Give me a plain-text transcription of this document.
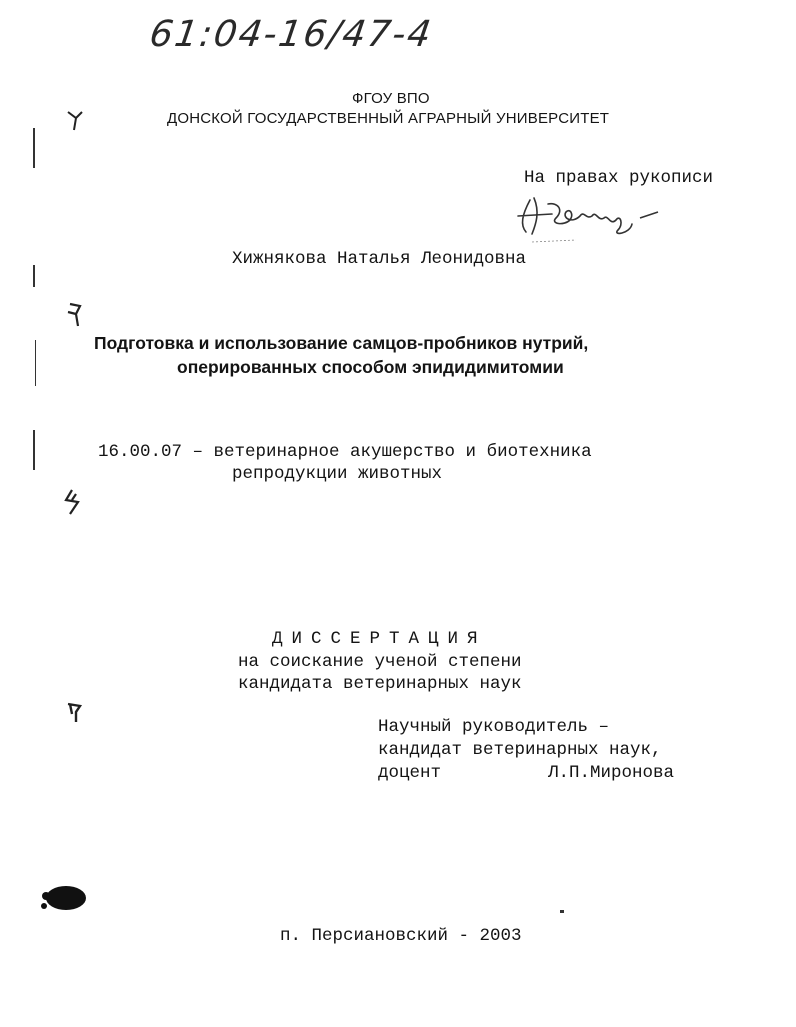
61:04-16/47-4
ФГОУ ВПО
ДОНСКОЙ ГОСУДАРСТВЕННЫЙ АГРАРНЫЙ УНИВЕРСИТЕТ
На правах рукописи
Хижнякова Наталья Леонидовна
Подготовка и использование самцов-пробников нутрий,
оперированных способом эпидидимитомии
16.00.07 – ветеринарное акушерство и биотехника
репродукции животных
ДИССЕРТАЦИЯ
на соискание ученой степени
кандидата ветеринарных наук
Научный руководитель –
кандидат ветеринарных наук,
доцент	Л.П.Миронова
п. Персиановский - 2003
